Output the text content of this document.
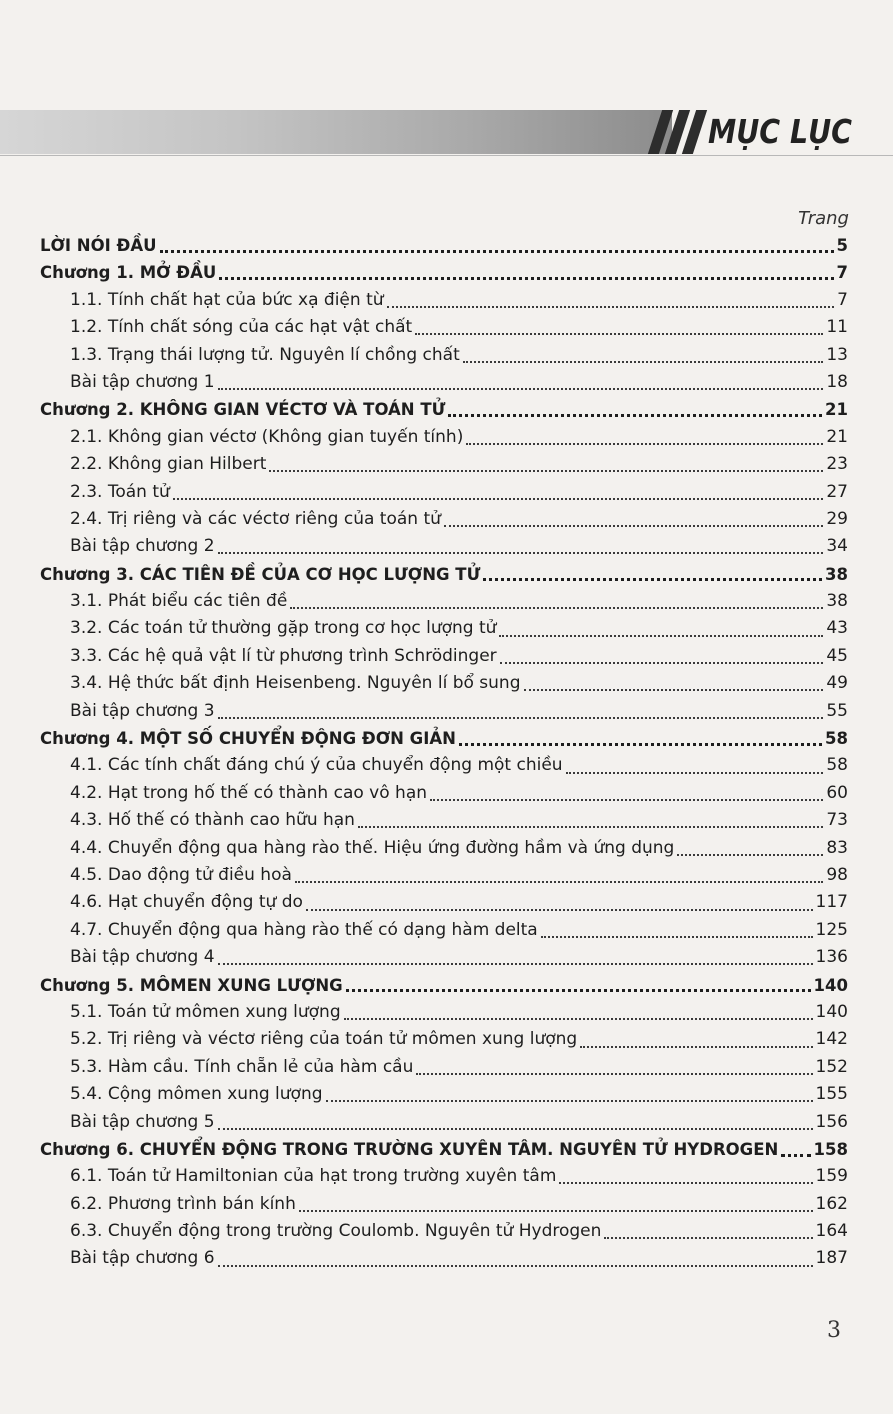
MỤC LỤC
Trang
LỜI NÓI ĐẦU	5
Chương 1. MỞ ĐẦU	7
1.1. Tính chất hạt của bức xạ điện từ	7
1.2. Tính chất sóng của các hạt vật chất	11
1.3. Trạng thái lượng tử. Nguyên lí chồng chất	13
Bài tập chương 1	18
Chương 2. KHÔNG GIAN VÉCTƠ VÀ TOÁN TỬ	21
2.1. Không gian véctơ (Không gian tuyến tính)	21
2.2. Không gian Hilbert	23
2.3. Toán tử	27
2.4. Trị riêng và các véctơ riêng của toán tử	29
Bài tập chương 2	34
Chương 3. CÁC TIÊN ĐỀ CỦA CƠ HỌC LƯỢNG TỬ	38
3.1. Phát biểu các tiên đề	38
3.2. Các toán tử thường gặp trong cơ học lượng tử	43
3.3. Các hệ quả vật lí từ phương trình Schrödinger	45
3.4. Hệ thức bất định Heisenbeng. Nguyên lí bổ sung	49
Bài tập chương 3	55
Chương 4. MỘT SỐ CHUYỂN ĐỘNG ĐƠN GIẢN	58
4.1. Các tính chất đáng chú ý của chuyển động một chiều	58
4.2. Hạt trong hố thế có thành cao vô hạn	60
4.3. Hố thế có thành cao hữu hạn	73
4.4. Chuyển động qua hàng rào thế. Hiệu ứng đường hầm và ứng dụng	83
4.5. Dao động tử điều hoà	98
4.6. Hạt chuyển động tự do	117
4.7. Chuyển động qua hàng rào thế có dạng hàm delta	125
Bài tập chương 4	136
Chương 5. MÔMEN XUNG LƯỢNG	140
5.1. Toán tử mômen xung lượng	140
5.2. Trị riêng và véctơ riêng của toán tử mômen xung lượng	142
5.3. Hàm cầu. Tính chẵn lẻ của hàm cầu	152
5.4. Cộng mômen xung lượng	155
Bài tập chương 5	156
Chương 6. CHUYỂN ĐỘNG TRONG TRƯỜNG XUYÊN TÂM. NGUYÊN TỬ HYDROGEN 158
6.1. Toán tử Hamiltonian của hạt trong trường xuyên tâm	159
6.2. Phương trình bán kính	162
6.3. Chuyển động trong trường Coulomb. Nguyên tử Hydrogen	164
Bài tập chương 6	187
3
